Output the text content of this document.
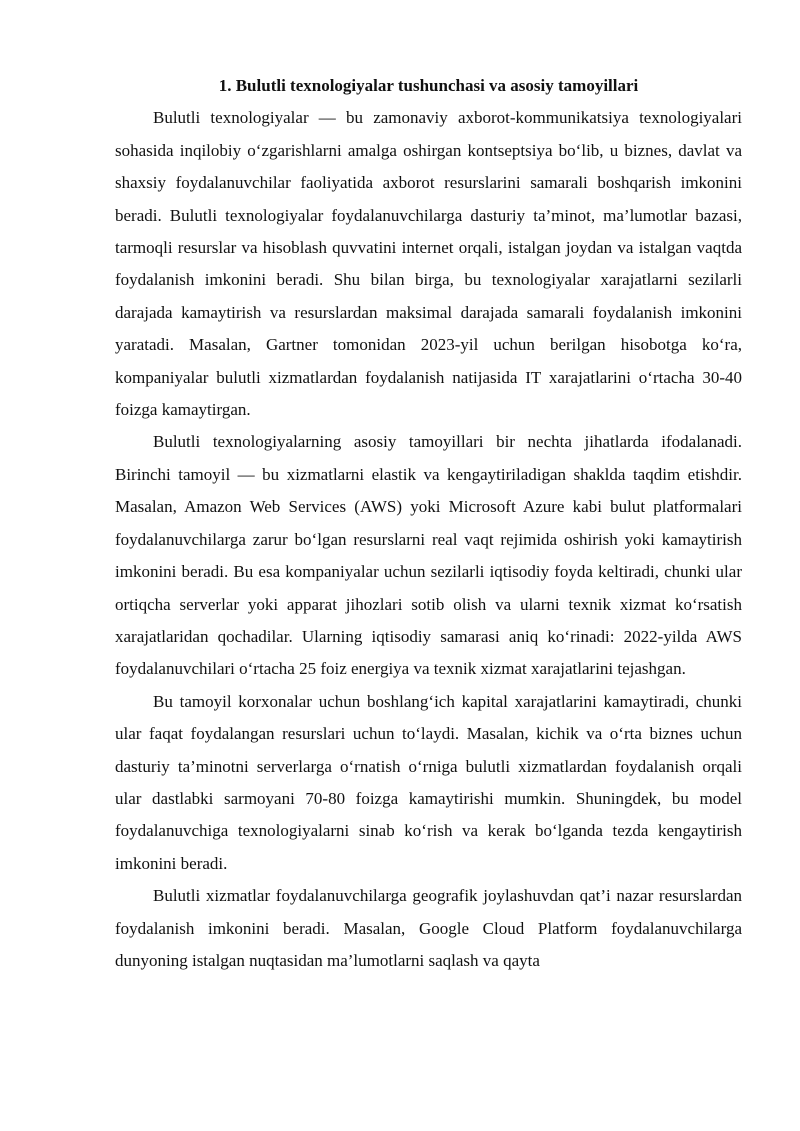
1. Bulutli texnologiyalar tushunchasi va asosiy tamoyillari

Bulutli texnologiyalar — bu zamonaviy axborot-kommunikatsiya texnologiyalari sohasida inqilobiy o‘zgarishlarni amalga oshirgan kontseptsiya bo‘lib, u biznes, davlat va shaxsiy foydalanuvchilar faoliyatida axborot resurslarini samarali boshqarish imkonini beradi. Bulutli texnologiyalar foydalanuvchilarga dasturiy ta’minot, ma’lumotlar bazasi, tarmoqli resurslar va hisoblash quvvatini internet orqali, istalgan joydan va istalgan vaqtda foydalanish imkonini beradi. Shu bilan birga, bu texnologiyalar xarajatlarni sezilarli darajada kamaytirish va resurslardan maksimal darajada samarali foydalanish imkonini yaratadi. Masalan, Gartner tomonidan 2023-yil uchun berilgan hisobotga ko‘ra, kompaniyalar bulutli xizmatlardan foydalanish natijasida IT xarajatlarini o‘rtacha 30-40 foizga kamaytirgan.

Bulutli texnologiyalarning asosiy tamoyillari bir nechta jihatlarda ifodalanadi. Birinchi tamoyil — bu xizmatlarni elastik va kengaytiriladigan shaklda taqdim etishdir. Masalan, Amazon Web Services (AWS) yoki Microsoft Azure kabi bulut platformalari foydalanuvchilarga zarur bo‘lgan resurslarni real vaqt rejimida oshirish yoki kamaytirish imkonini beradi. Bu esa kompaniyalar uchun sezilarli iqtisodiy foyda keltiradi, chunki ular ortiqcha serverlar yoki apparat jihozlari sotib olish va ularni texnik xizmat ko‘rsatish xarajatlaridan qochadilar. Ularning iqtisodiy samarasi aniq ko‘rinadi: 2022-yilda AWS foydalanuvchilari o‘rtacha 25 foiz energiya va texnik xizmat xarajatlarini tejashgan.

Bu tamoyil korxonalar uchun boshlang‘ich kapital xarajatlarini kamaytiradi, chunki ular faqat foydalangan resurslari uchun to‘laydi. Masalan, kichik va o‘rta biznes uchun dasturiy ta’minotni serverlarga o‘rnatish o‘rniga bulutli xizmatlardan foydalanish orqali ular dastlabki sarmoyani 70-80 foizga kamaytirishi mumkin. Shuningdek, bu model foydalanuvchiga texnologiyalarni sinab ko‘rish va kerak bo‘lganda tezda kengaytirish imkonini beradi.

Bulutli xizmatlar foydalanuvchilarga geografik joylashuvdan qat’i nazar resurslardan foydalanish imkonini beradi. Masalan, Google Cloud Platform foydalanuvchilarga dunyoning istalgan nuqtasidan ma’lumotlarni saqlash va qayta
